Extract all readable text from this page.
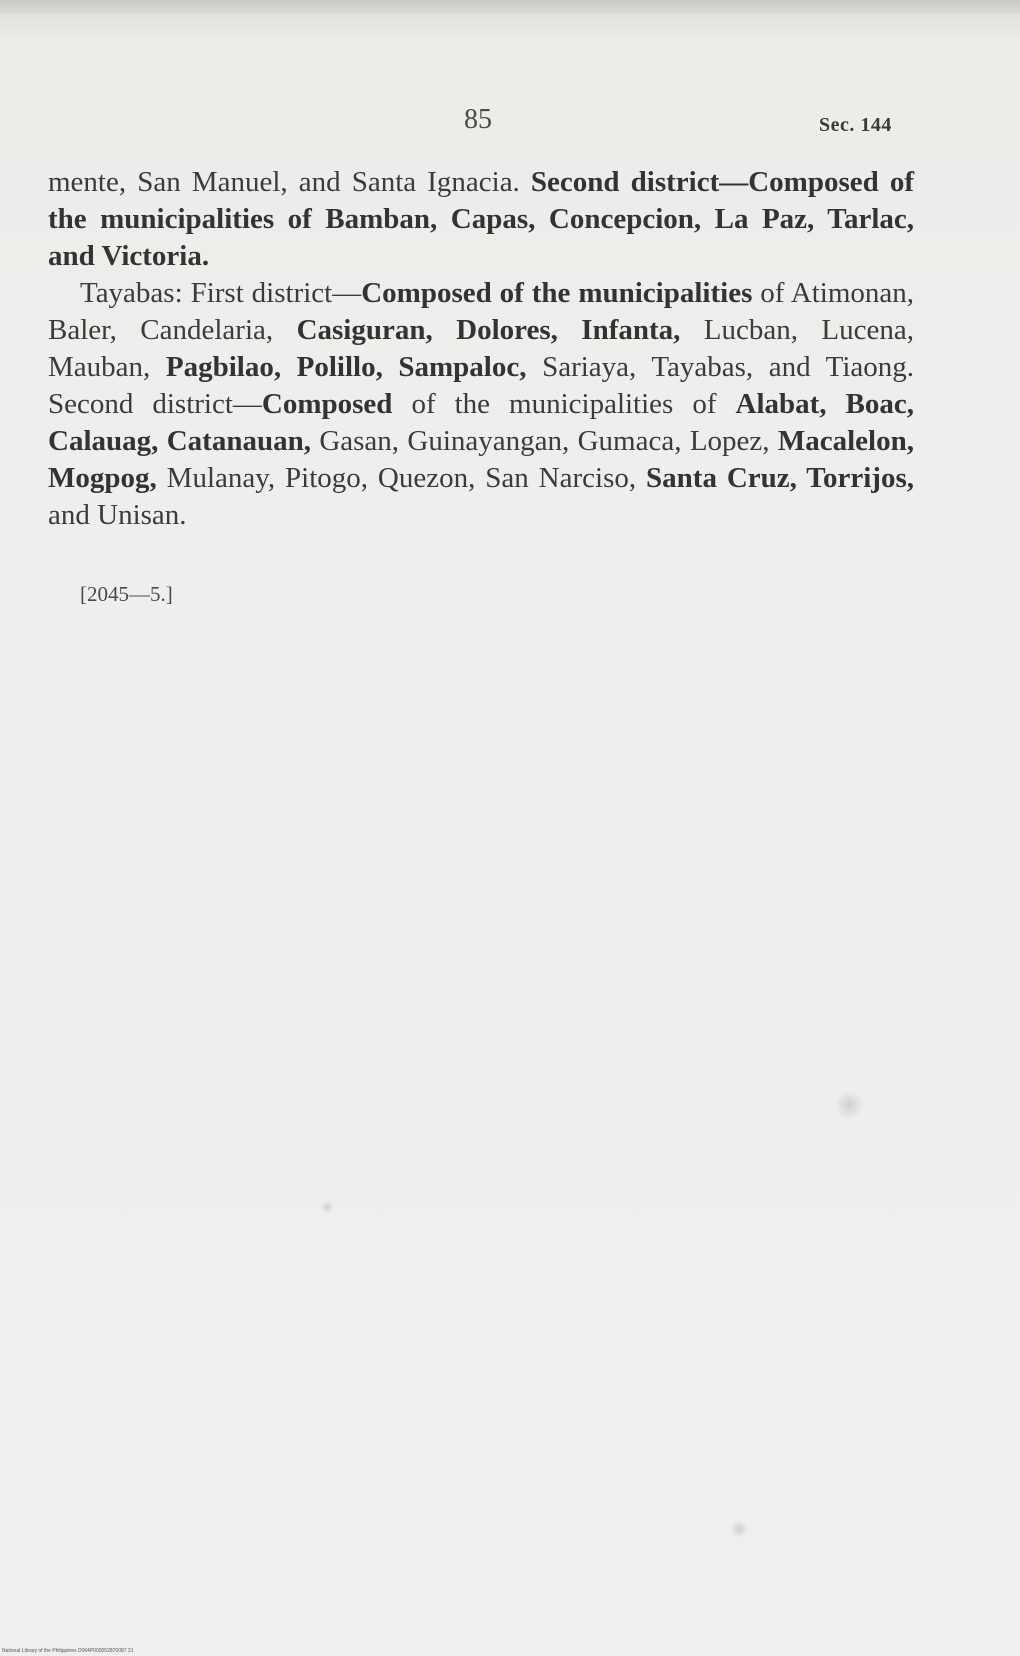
85	Sec. 144

mente, San Manuel, and Santa Ignacia. Second district—Composed of the municipalities of Bamban, Capas, Concepcion, La Paz, Tarlac, and Victoria.

Tayabas: First district—Composed of the municipalities of Atimonan, Baler, Candelaria, Casiguran, Dolores, Infanta, Lucban, Lucena, Mauban, Pagbilao, Polillo, Sampaloc, Sariaya, Tayabas, and Tiaong. Second district—Composed of the municipalities of Alabat, Boac, Calauag, Catanauan, Gasan, Guinayangan, Gumaca, Lopez, Macalelon, Mogpog, Mulanay, Pitogo, Quezon, San Narciso, Santa Cruz, Torrijos, and Unisan.

[2045—5.]
National Library of the Philippines D064P000052870087 31
